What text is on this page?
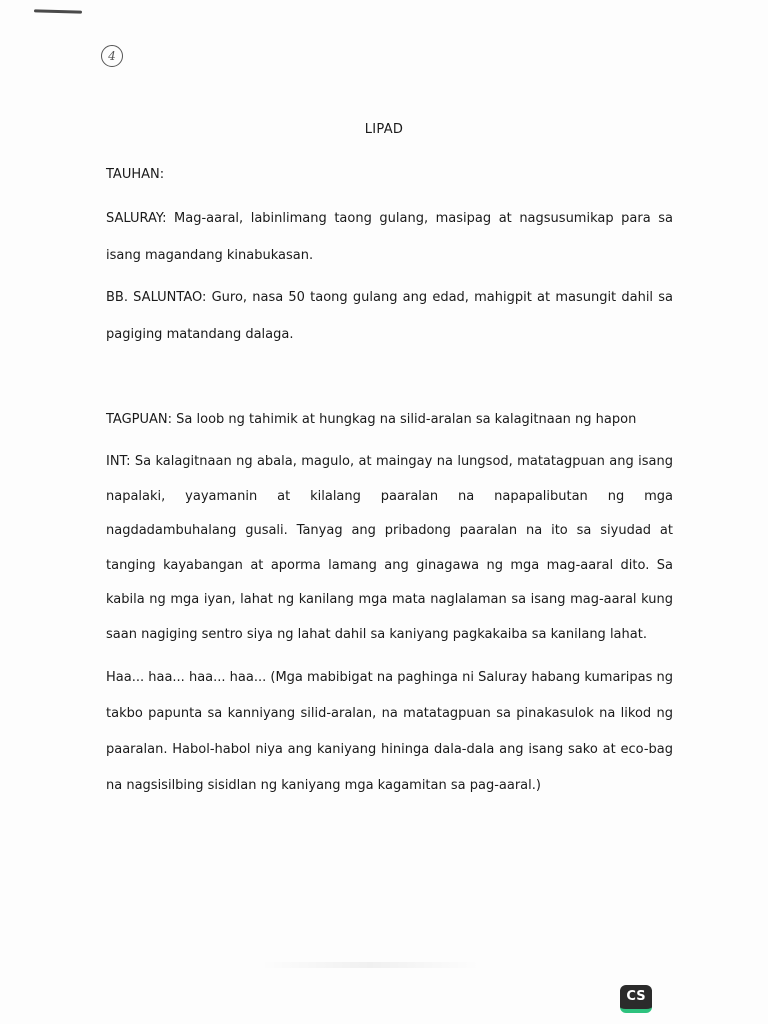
4
LIPAD
TAUHAN:
SALURAY: Mag-aaral, labinlimang taong gulang, masipag at nagsusumikap para sa isang magandang kinabukasan.
BB. SALUNTAO: Guro, nasa 50 taong gulang ang edad, mahigpit at masungit dahil sa pagiging matandang dalaga.
TAGPUAN: Sa loob ng tahimik at hungkag na silid-aralan sa kalagitnaan ng hapon
INT: Sa kalagitnaan ng abala, magulo, at maingay na lungsod, matatagpuan ang isang napalaki, yayamanin at kilalang paaralan na napapalibutan ng mga nagdadambuhalang gusali. Tanyag ang pribadong paaralan na ito sa siyudad at tanging kayabangan at aporma lamang ang ginagawa ng mga mag-aaral dito. Sa kabila ng mga iyan, lahat ng kanilang mga mata naglalaman sa isang mag-aaral kung saan nagiging sentro siya ng lahat dahil sa kaniyang pagkakaiba sa kanilang lahat.
Haa... haa... haa... haa... (Mga mabibigat na paghinga ni Saluray habang kumaripas ng takbo papunta sa kanniyang silid-aralan, na matatagpuan sa pinakasulok na likod ng paaralan. Habol-habol niya ang kaniyang hininga dala-dala ang isang sako at eco-bag na nagsisilbing sisidlan ng kaniyang mga kagamitan sa pag-aaral.)
CS
